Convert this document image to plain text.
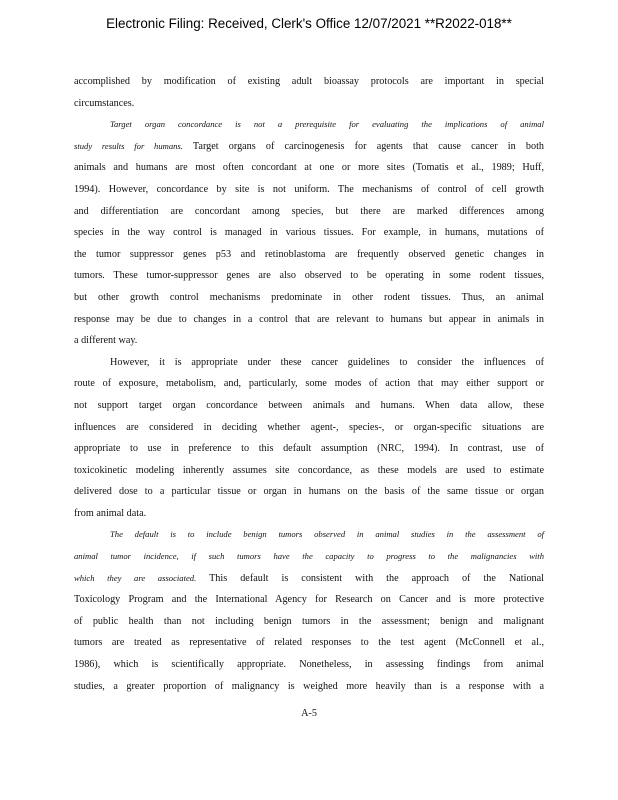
Electronic Filing: Received, Clerk's Office 12/07/2021 **R2022-018**
accomplished by modification of existing adult bioassay protocols are important in special
circumstances.
Target organ concordance is not a prerequisite for evaluating the implications of animal
study results for humans. Target organs of carcinogenesis for agents that cause cancer in both
animals and humans are most often concordant at one or more sites (Tomatis et al., 1989; Huff,
1994). However, concordance by site is not uniform. The mechanisms of control of cell growth
and differentiation are concordant among species, but there are marked differences among
species in the way control is managed in various tissues. For example, in humans, mutations of
the tumor suppressor genes p53 and retinoblastoma are frequently observed genetic changes in
tumors. These tumor-suppressor genes are also observed to be operating in some rodent tissues,
but other growth control mechanisms predominate in other rodent tissues. Thus, an animal
response may be due to changes in a control that are relevant to humans but appear in animals in
a different way.
However, it is appropriate under these cancer guidelines to consider the influences of
route of exposure, metabolism, and, particularly, some modes of action that may either support or
not support target organ concordance between animals and humans. When data allow, these
influences are considered in deciding whether agent-, species-, or organ-specific situations are
appropriate to use in preference to this default assumption (NRC, 1994). In contrast, use of
toxicokinetic modeling inherently assumes site concordance, as these models are used to estimate
delivered dose to a particular tissue or organ in humans on the basis of the same tissue or organ
from animal data.
The default is to include benign tumors observed in animal studies in the assessment of
animal tumor incidence, if such tumors have the capacity to progress to the malignancies with
which they are associated. This default is consistent with the approach of the National
Toxicology Program and the International Agency for Research on Cancer and is more protective
of public health than not including benign tumors in the assessment; benign and malignant
tumors are treated as representative of related responses to the test agent (McConnell et al.,
1986), which is scientifically appropriate. Nonetheless, in assessing findings from animal
studies, a greater proportion of malignancy is weighed more heavily than is a response with a
A-5
